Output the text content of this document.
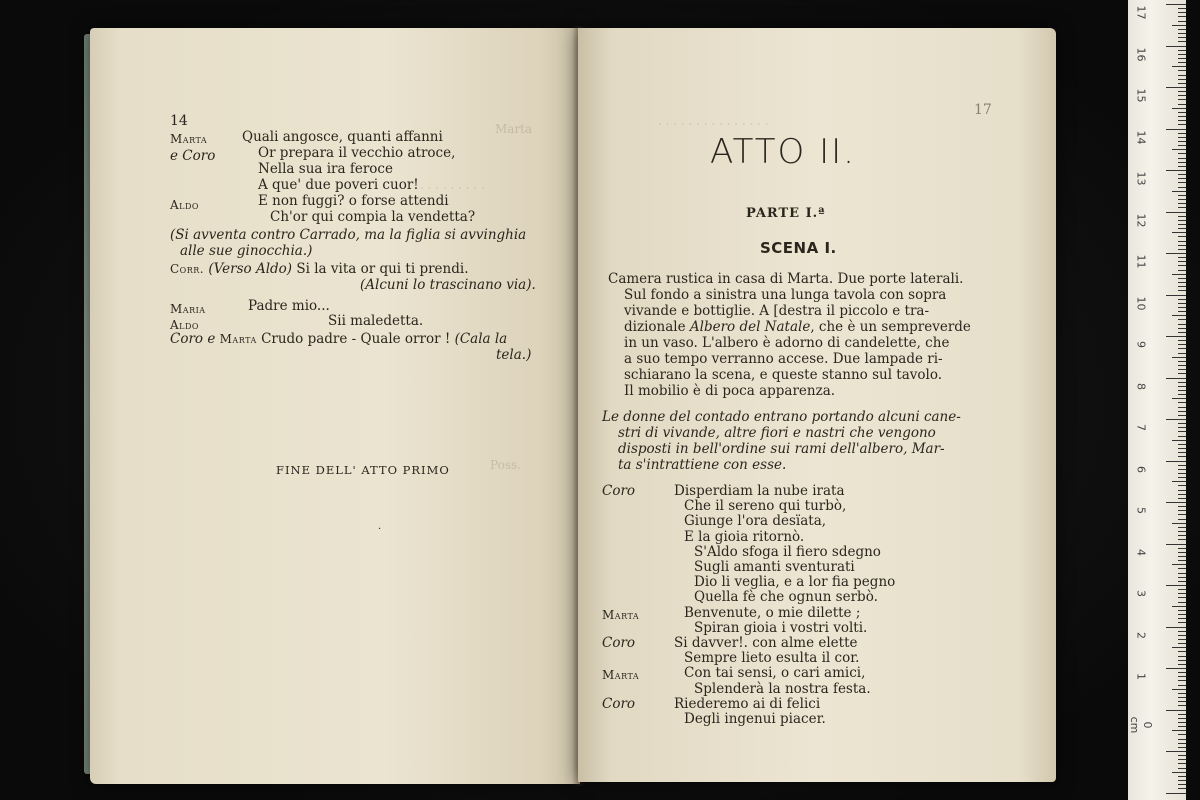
Marta
. . . . . . . . .
Poss.
14
Marta	Quali angosce, quanti affanni
e Coro	Or prepara il vecchio atroce,
Nella sua ira feroce
A que' due poveri cuor!
Aldo	E non fuggi? o forse attendi
Ch'or qui compia la vendetta?
(Si avventa contro Carrado, ma la figlia si avvinghia
alle sue ginocchia.)
Corr. (Verso Aldo) Si la vita or qui ti prendi.
(Alcuni lo trascinano via).
Maria	Padre mio...
Aldo	Sii maledetta.
Coro e Marta Crudo padre - Quale orror ! (Cala la
tela.)
FINE DELL' ATTO PRIMO
·
. . . . . . . . . . . . . . .
17
ATTO II.
PARTE I.ª
SCENA I.
Camera rustica in casa di Marta. Due porte laterali.
Sul fondo a sinistra una lunga tavola con sopra
vivande e bottiglie. A [destra il piccolo e tra-
dizionale Albero del Natale, che è un sempreverde
in un vaso. L'albero è adorno di candelette, che
a suo tempo verranno accese. Due lampade ri-
schiarano la scena, e queste stanno sul tavolo.
Il mobilio è di poca apparenza.
Le donne del contado entrano portando alcuni cane-
stri di vivande, altre fiori e nastri che vengono
disposti in bell'ordine sui rami dell'albero, Mar-
ta s'intrattiene con esse.
Coro	Disperdiam la nube irata
Che il sereno qui turbò,
Giunge l'ora desïata,
E la gioia ritornò.
S'Aldo sfoga il fiero sdegno
Sugli amanti sventurati
Dio li veglia, e a lor fia pegno
Quella fè che ognun serbò.
Marta	Benvenute, o mie dilette ;
Spiran gioia i vostri volti.
Coro	Si davver!. con alme elette
Sempre lieto esulta il cor.
Marta	Con tai sensi, o cari amici,
Splenderà la nostra festa.
Coro	Riederemo ai di felici
Degli ingenui piacer.
17
16
15
14
13
12
11
10
9
8
7
6
5
4
3
2
1
0 cm
